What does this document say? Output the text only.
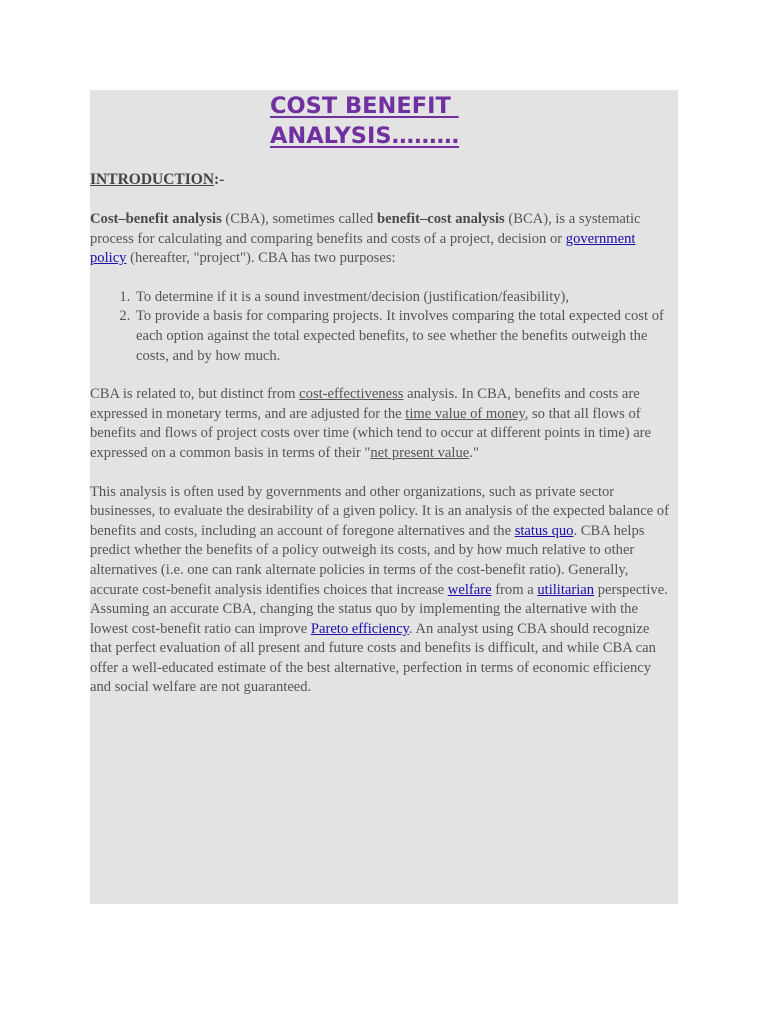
COST BENEFIT
ANALYSIS………
INTRODUCTION:-

Cost–benefit analysis (CBA), sometimes called benefit–cost analysis (BCA), is a systematic process for calculating and comparing benefits and costs of a project, decision or government policy (hereafter, "project"). CBA has two purposes:

1. To determine if it is a sound investment/decision (justification/feasibility),
2. To provide a basis for comparing projects. It involves comparing the total expected cost of each option against the total expected benefits, to see whether the benefits outweigh the costs, and by how much.

CBA is related to, but distinct from cost-effectiveness analysis. In CBA, benefits and costs are expressed in monetary terms, and are adjusted for the time value of money, so that all flows of benefits and flows of project costs over time (which tend to occur at different points in time) are expressed on a common basis in terms of their "net present value."

This analysis is often used by governments and other organizations, such as private sector businesses, to evaluate the desirability of a given policy. It is an analysis of the expected balance of benefits and costs, including an account of foregone alternatives and the status quo. CBA helps predict whether the benefits of a policy outweigh its costs, and by how much relative to other alternatives (i.e. one can rank alternate policies in terms of the cost-benefit ratio). Generally, accurate cost-benefit analysis identifies choices that increase welfare from a utilitarian perspective. Assuming an accurate CBA, changing the status quo by implementing the alternative with the lowest cost-benefit ratio can improve Pareto efficiency. An analyst using CBA should recognize that perfect evaluation of all present and future costs and benefits is difficult, and while CBA can offer a well-educated estimate of the best alternative, perfection in terms of economic efficiency and social welfare are not guaranteed.
